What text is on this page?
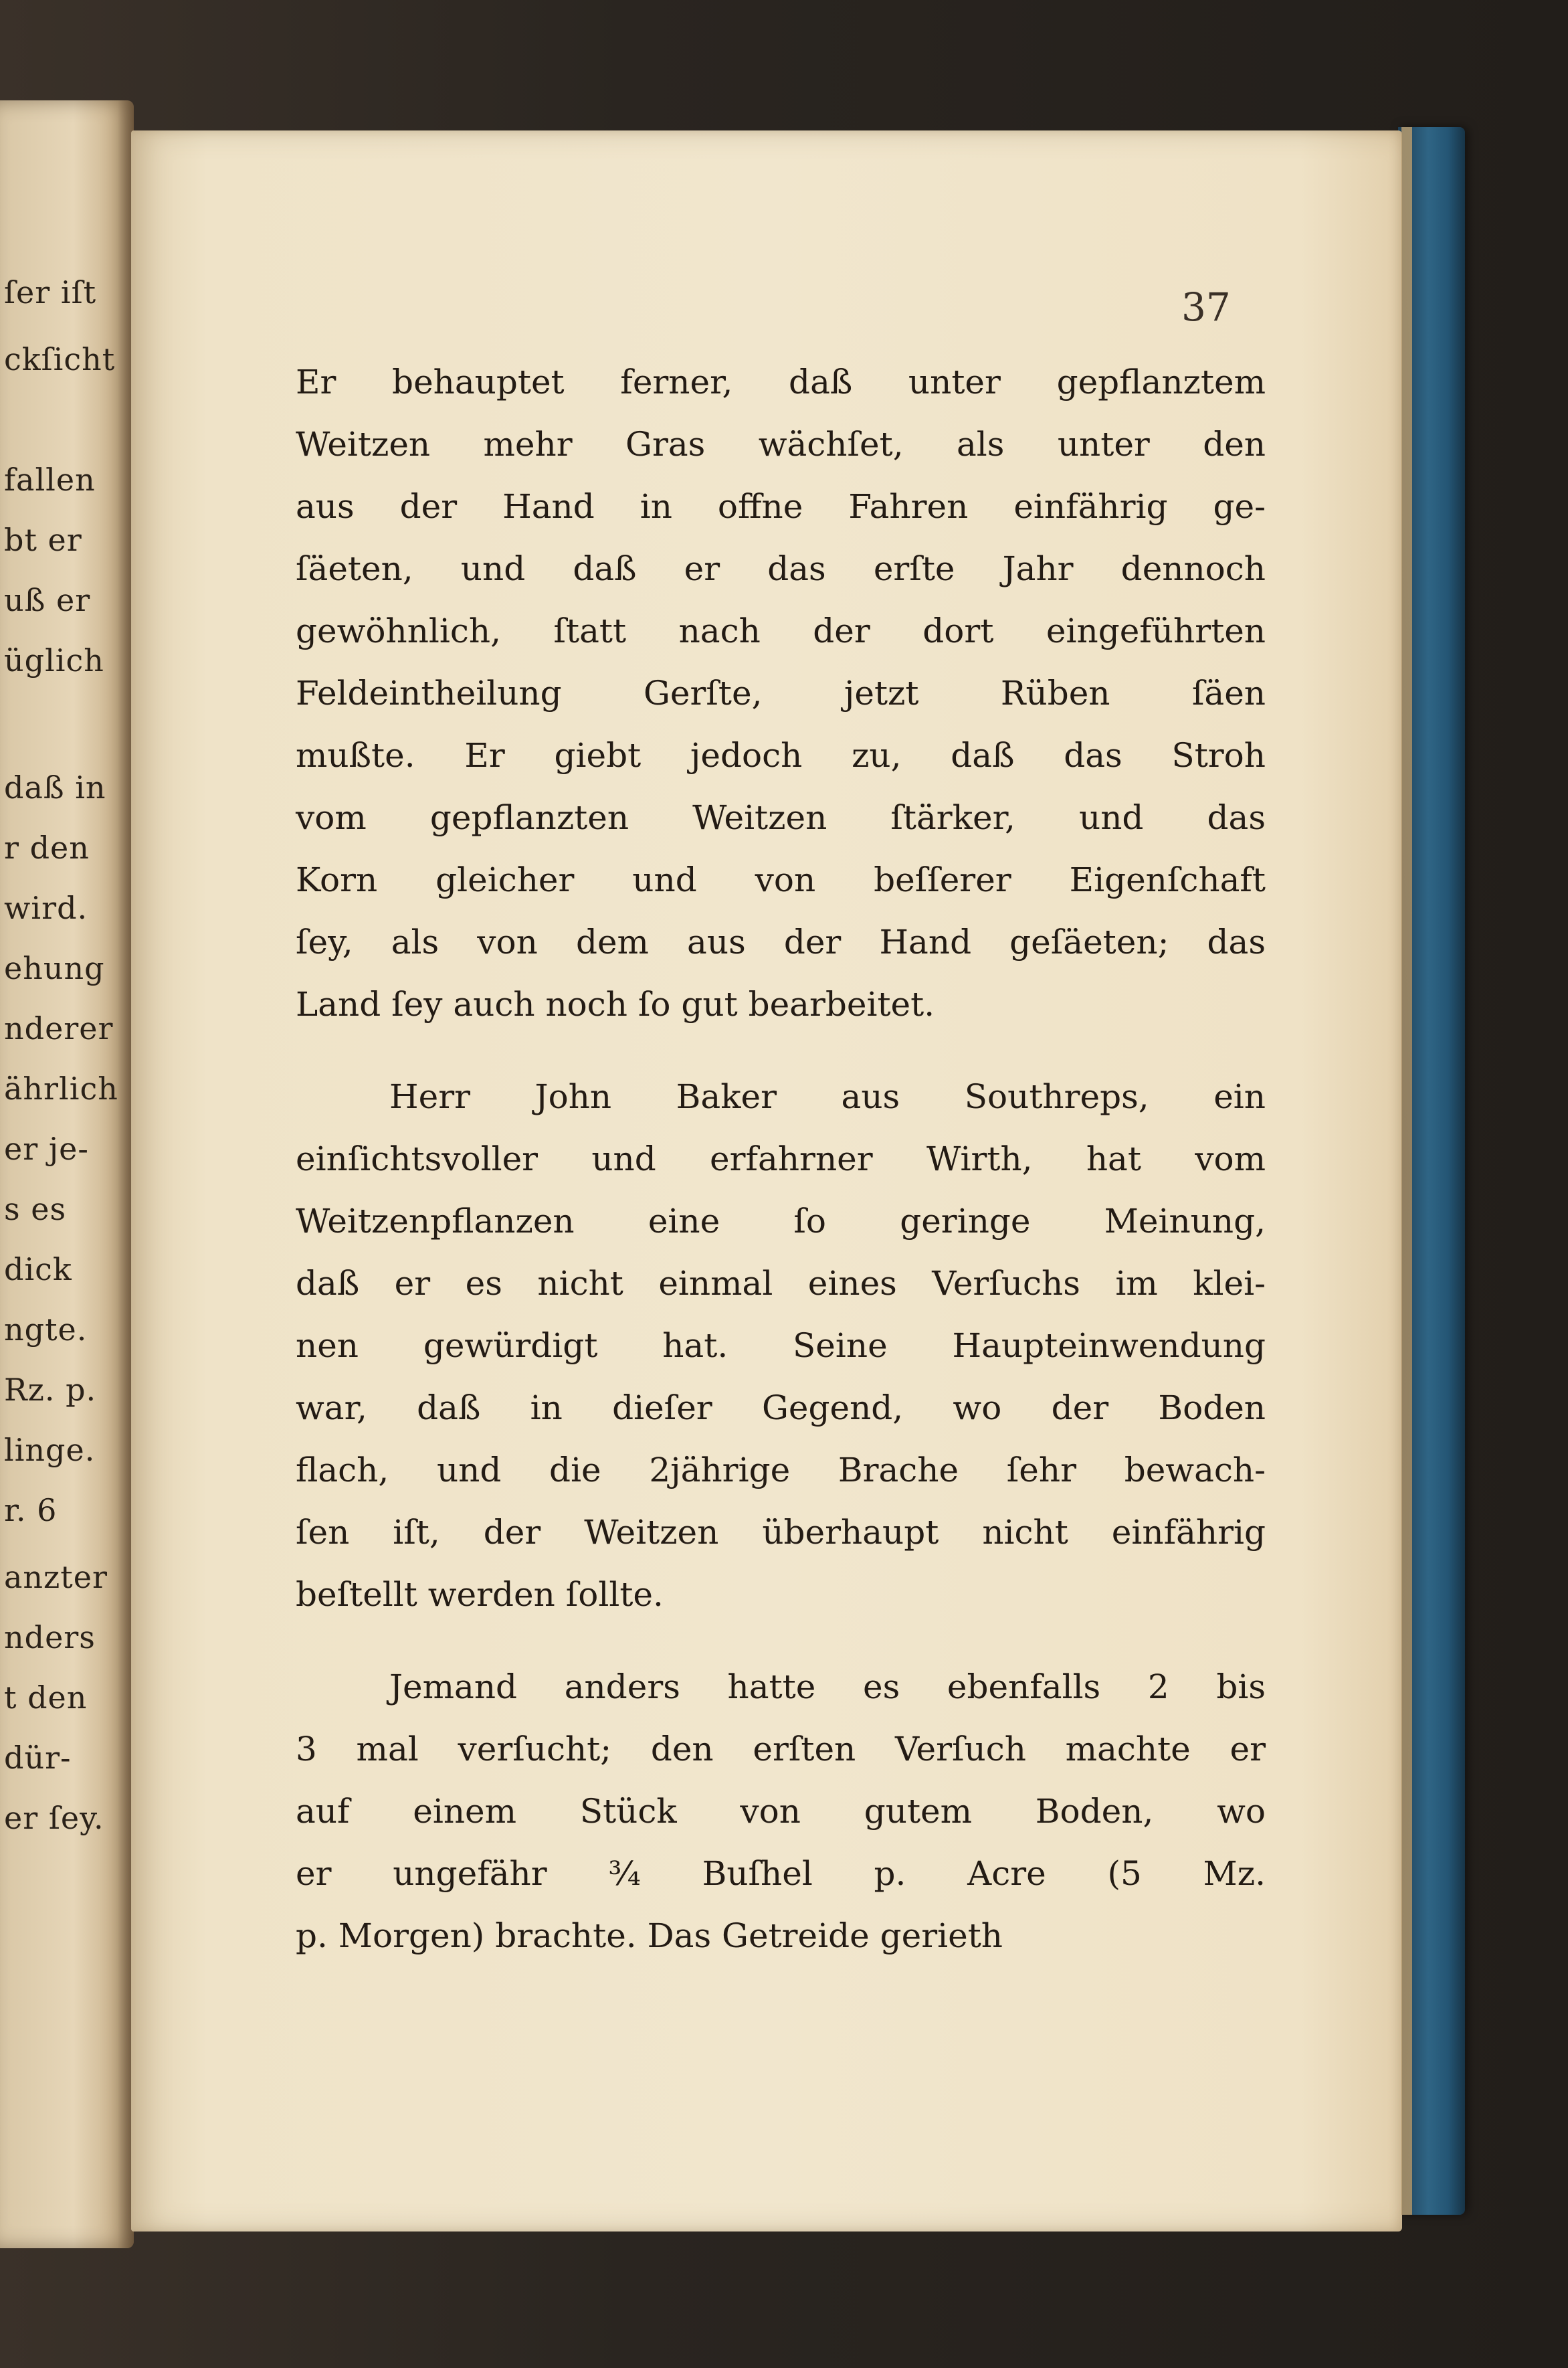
ſer iſt
ckſicht
fallen
bt er
uß er
üglich
daß in
r den
wird.
ehung
nderer
ährlich
er je-
s es
dick
ngte.
Rz. p.
linge.
r. 6
anzter
nders
t den
dür-
er ſey.
37
Er behauptet ferner, daß unter gepflanztem
Weitzen mehr Gras wächſet, als unter den
aus der Hand in offne Fahren einfährig ge-
ſäeten, und daß er das erſte Jahr dennoch
gewöhnlich, ſtatt nach der dort eingeführten
Feldeintheilung Gerſte, jetzt Rüben ſäen
mußte. Er giebt jedoch zu, daß das Stroh
vom gepflanzten Weitzen ſtärker, und das
Korn gleicher und von beſſerer Eigenſchaft
ſey, als von dem aus der Hand geſäeten; das
Land ſey auch noch ſo gut bearbeitet.
Herr John Baker aus Southreps, ein
einſichtsvoller und erfahrner Wirth, hat vom
Weitzenpflanzen eine ſo geringe Meinung,
daß er es nicht einmal eines Verſuchs im klei-
nen gewürdigt hat. Seine Haupteinwendung
war, daß in dieſer Gegend, wo der Boden
flach, und die 2jährige Brache ſehr bewach-
ſen iſt, der Weitzen überhaupt nicht einfährig
beſtellt werden ſollte.
Jemand anders hatte es ebenfalls 2 bis
3 mal verſucht; den erſten Verſuch machte er
auf einem Stück von gutem Boden, wo
er ungefähr ¾ Buſhel p. Acre (5 Mz.
p. Morgen) brachte. Das Getreide gerieth
